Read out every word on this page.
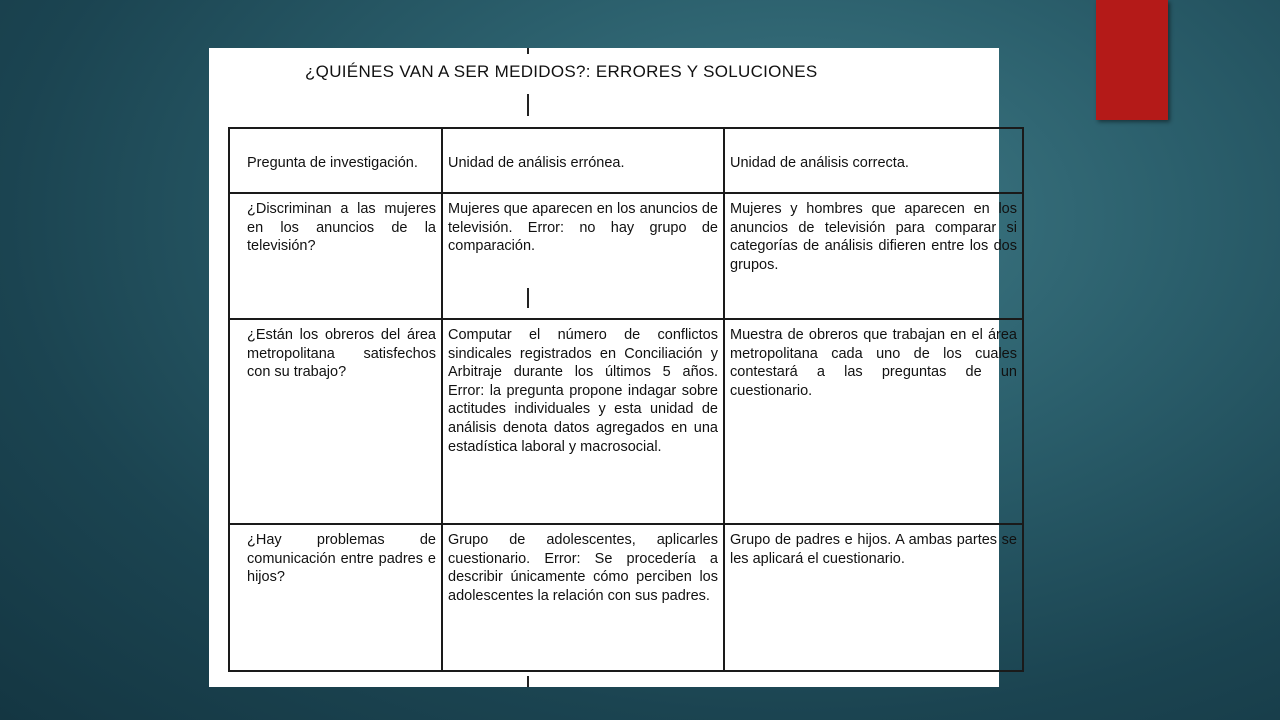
¿QUIÉNES VAN A SER MEDIDOS?: ERRORES Y SOLUCIONES
Pregunta de investigación.	Unidad de análisis errónea.	Unidad de análisis correcta.
¿Discriminan a las mujeres en los anuncios de la televisión?	Mujeres que aparecen en los anuncios de televisión. Error: no hay grupo de comparación.	Mujeres y hombres que aparecen en los anuncios de televisión para comparar si categorías de análisis difieren entre los dos grupos.
¿Están los obreros del área metropolitana satisfechos con su trabajo?	Computar el número de conflictos sindicales registrados en Conciliación y Arbitraje durante los últimos 5 años. Error: la pregunta propone indagar sobre actitudes individuales y esta unidad de análisis denota datos agregados en una estadística laboral y macrosocial.	Muestra de obreros que trabajan en el área metropolitana cada uno de los cuales contestará a las preguntas de un cuestionario.
¿Hay problemas de comunicación entre padres e hijos?	Grupo de adolescentes, aplicarles cuestionario. Error: Se procedería a describir únicamente cómo perciben los adolescentes la relación con sus padres.	Grupo de padres e hijos. A ambas partes se les aplicará el cuestionario.
